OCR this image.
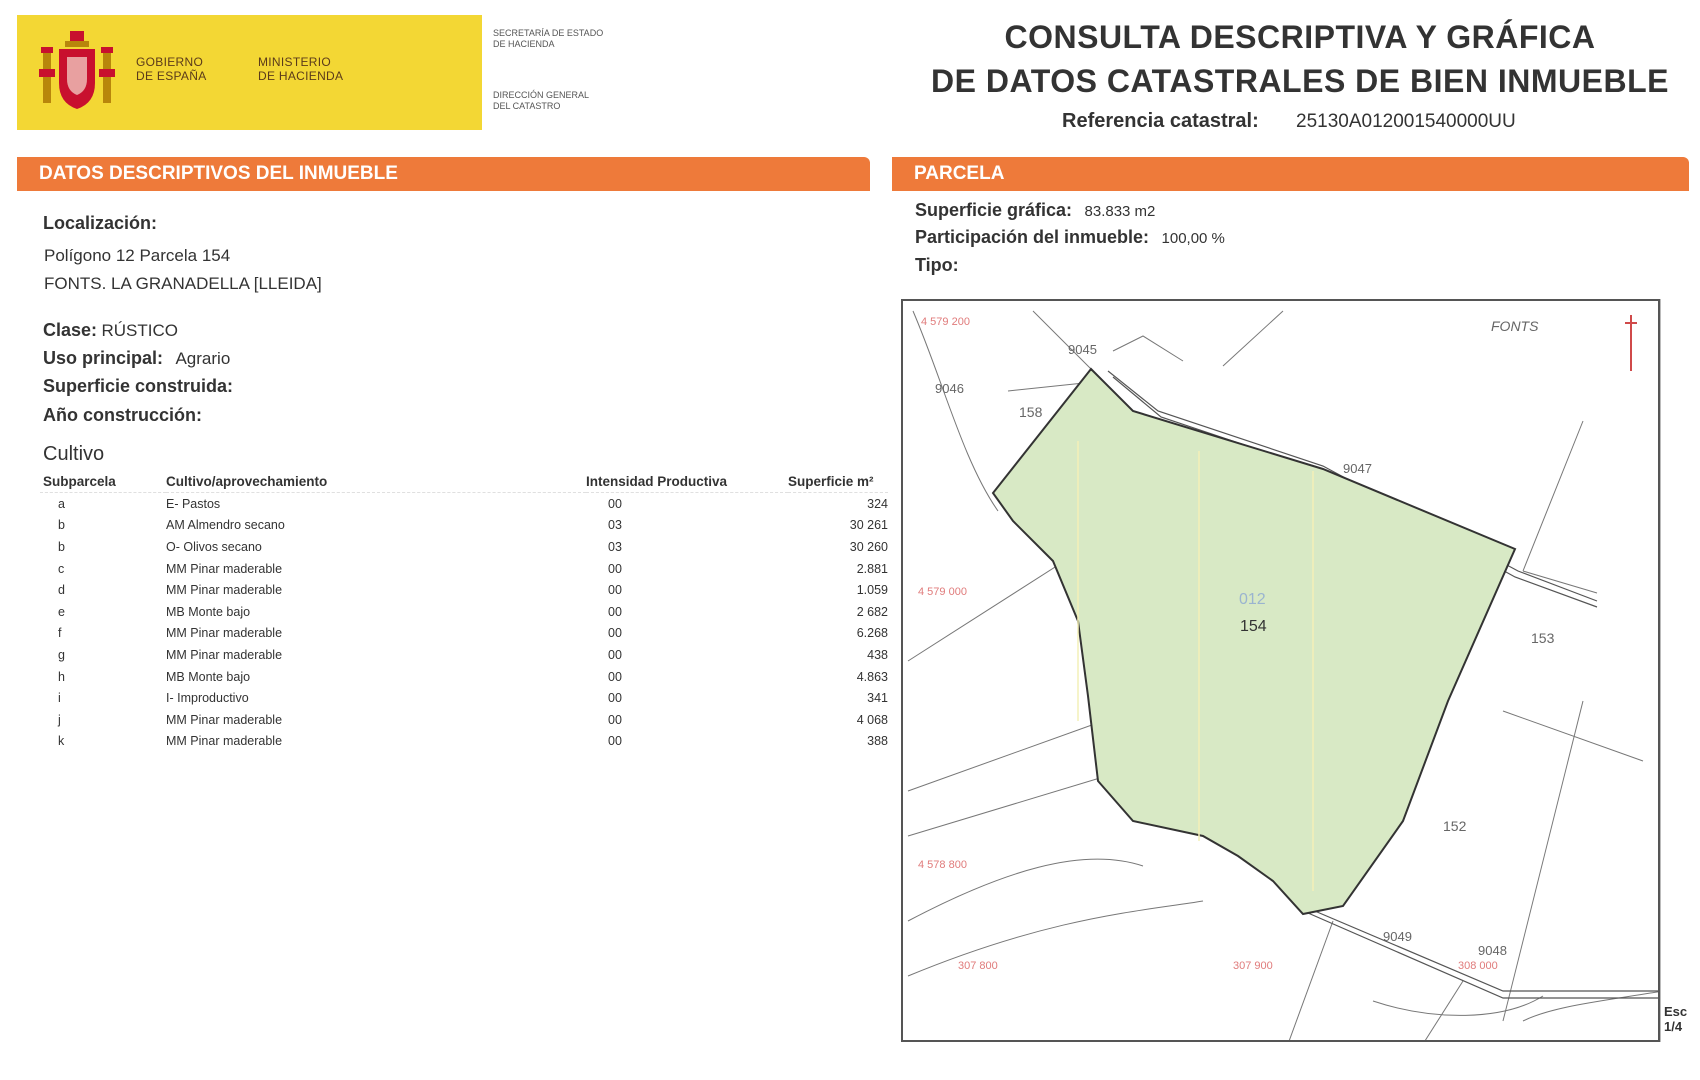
GOBIERNO
DE ESPAÑA
MINISTERIO
DE HACIENDA
SECRETARÍA DE ESTADO
DE HACIENDA
DIRECCIÓN GENERAL
DEL CATASTRO
CONSULTA DESCRIPTIVA Y GRÁFICA
DE DATOS CATASTRALES DE BIEN INMUEBLE
Referencia catastral: 25130A012001540000UU
DATOS DESCRIPTIVOS DEL INMUEBLE	PARCELA
Localización:
Polígono 12 Parcela 154
FONTS. LA GRANADELLA [LLEIDA]
Clase: RÚSTICO
Uso principal: Agrario
Superficie construida:
Año construcción:
Cultivo
Subparcela	Cultivo/aprovechamiento	Intensidad Productiva	Superficie m²
a	E- Pastos	00	324
b	AM Almendro secano	03	30 261
b	O- Olivos secano	03	30 260
c	MM Pinar maderable	00	2.881
d	MM Pinar maderable	00	1.059
e	MB Monte bajo	00	2 682
f	MM Pinar maderable	00	6.268
g	MM Pinar maderable	00	438
h	MB Monte bajo	00	4.863
i	I- Improductivo	00	341
j	MM Pinar maderable	00	4 068
k	MM Pinar maderable	00	388
Superficie gráfica: 83.833 m2
Participación del inmueble: 100,00 %
Tipo:
4 579 200
4 579 000
4 578 800
307 800	307 900	308 000
FONTS
158
153
152
9045
9046
9047
9048
9049
012
154
Esc
1/4
